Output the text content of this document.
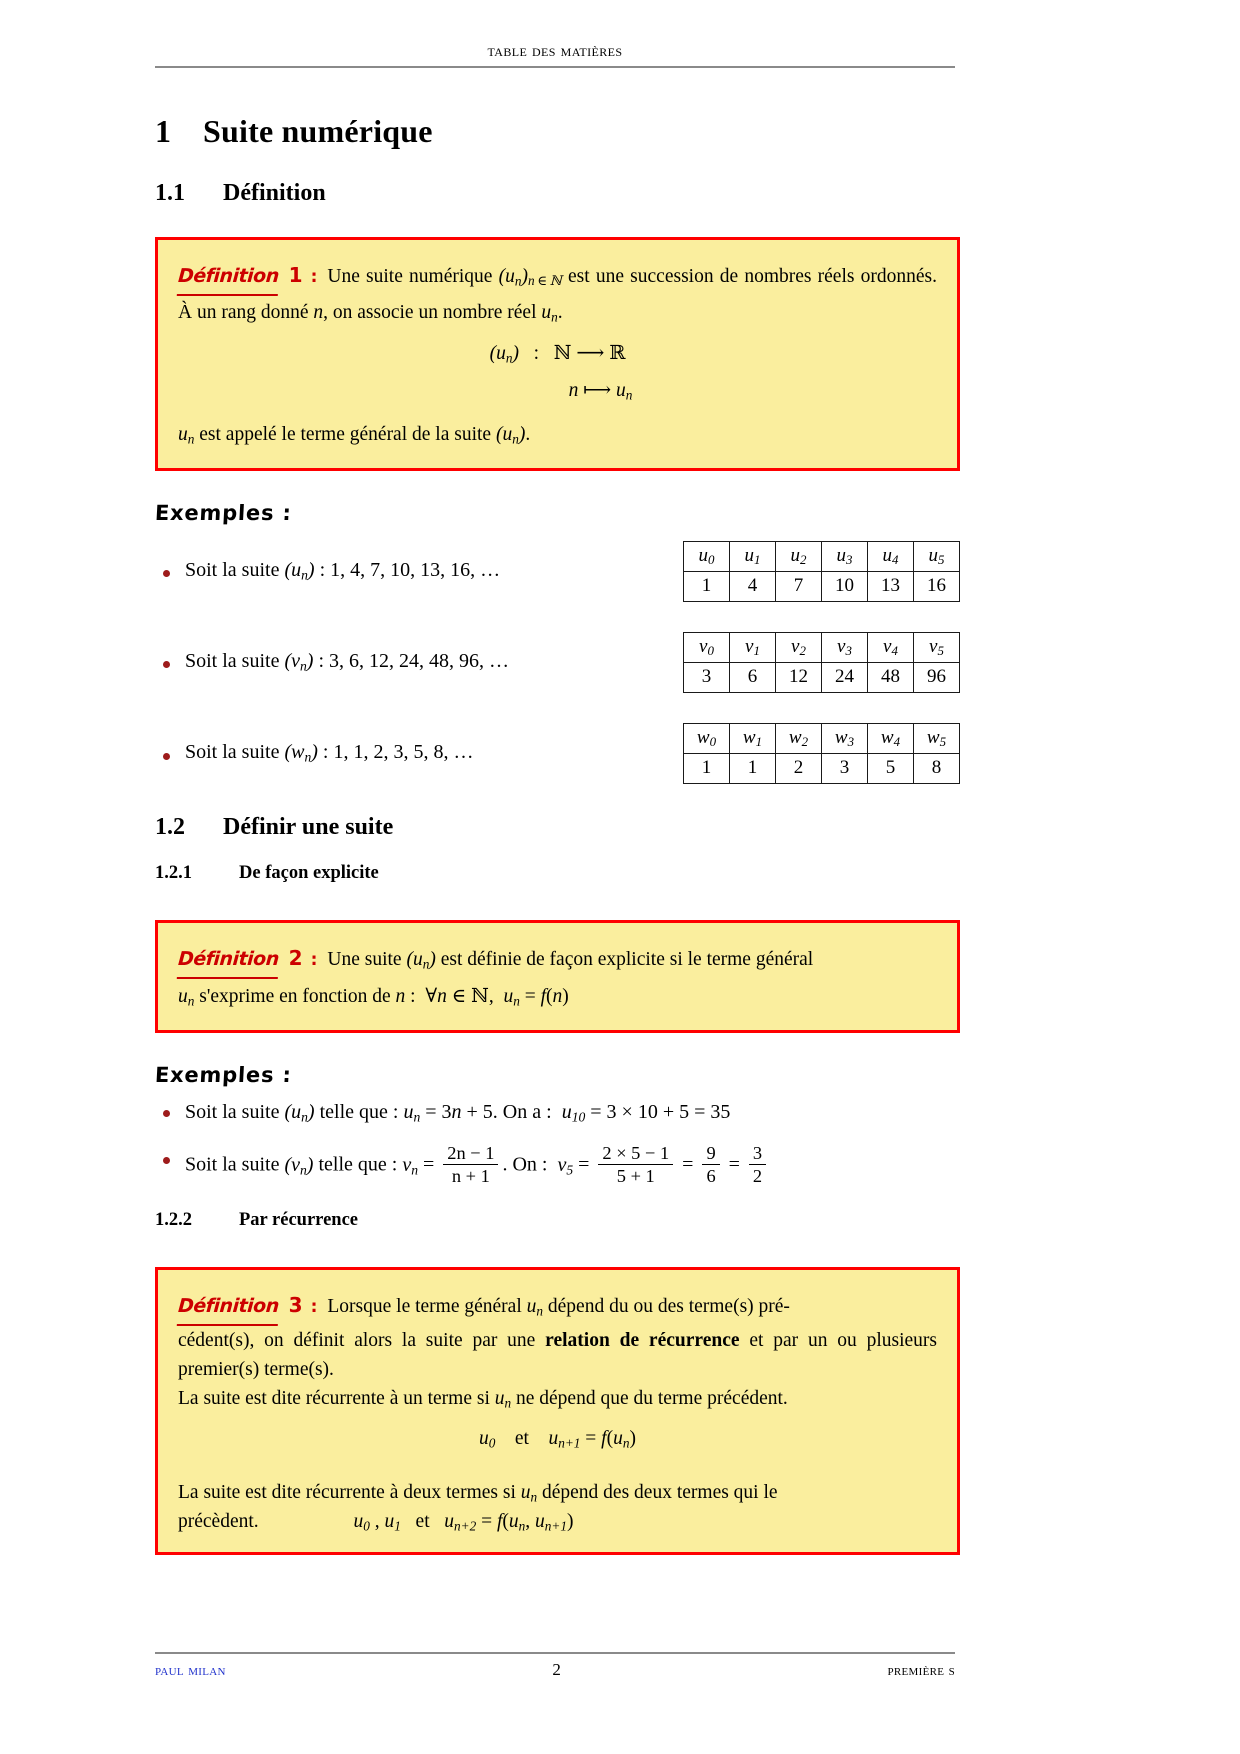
table des matières
1 Suite numérique
1.1 Définition
Définition 1 : Une suite numérique $(u_n)_{n \in ℕ}$ est une succession de nombres réels ordonnés. À un rang donné n, on associe un nombre réel $u_n$.
$(u_n)$   :   ℕ ⟶ ℝ
n ⟼ $u_n$
$u_n$ est appelé le terme général de la suite $(u_n)$.
Exemples :
Soit la suite $(u_n)$ : 1, 4, 7, 10, 13, 16, …
$u_0$	$u_1$	$u_2$	$u_3$	$u_4$	$u_5$
1	4	7	10	13	16
Soit la suite $(v_n)$ : 3, 6, 12, 24, 48, 96, …
$v_0$	$v_1$	$v_2$	$v_3$	$v_4$	$v_5$
3	6	12	24	48	96
Soit la suite $(w_n)$ : 1, 1, 2, 3, 5, 8, …
$w_0$	$w_1$	$w_2$	$w_3$	$w_4$	$w_5$
1	1	2	3	5	8
1.2 Définir une suite
1.2.1	De façon explicite
Définition 2 : Une suite $(u_n)$ est définie de façon explicite si le terme général
$u_n$ s'exprime en fonction de n :  ∀n ∈ ℕ,  $u_n = f(n)$
Exemples :
Soit la suite $(u_n)$ telle que : $u_n = 3n + 5$. On a :  $u_{10} = 3 \times 10 + 5 = 35$
Soit la suite $(v_n)$ telle que : $v_n = \frac{2n - 1}{n + 1}$ . On :  $v_5 = \frac{2 \times 5 - 1}{5 + 1} = \frac{9}{6} = \frac{3}{2}$
1.2.2	Par récurrence
Définition 3 : Lorsque le terme général $u_n$ dépend du ou des terme(s) pré-
cédent(s), on définit alors la suite par une relation de récurrence et par un ou plusieurs premier(s) terme(s).
La suite est dite récurrente à un terme si $u_n$ ne dépend que du terme précédent.
$u_0$    et    $u_{n+1} = f(u_n)$
La suite est dite récurrente à deux termes si $u_n$ dépend des deux termes qui le
précèdent.	$u_0$ , $u_1$   et   $u_{n+2} = f(u_n$, $u_{n+1}$)
paul milan	2	première s
